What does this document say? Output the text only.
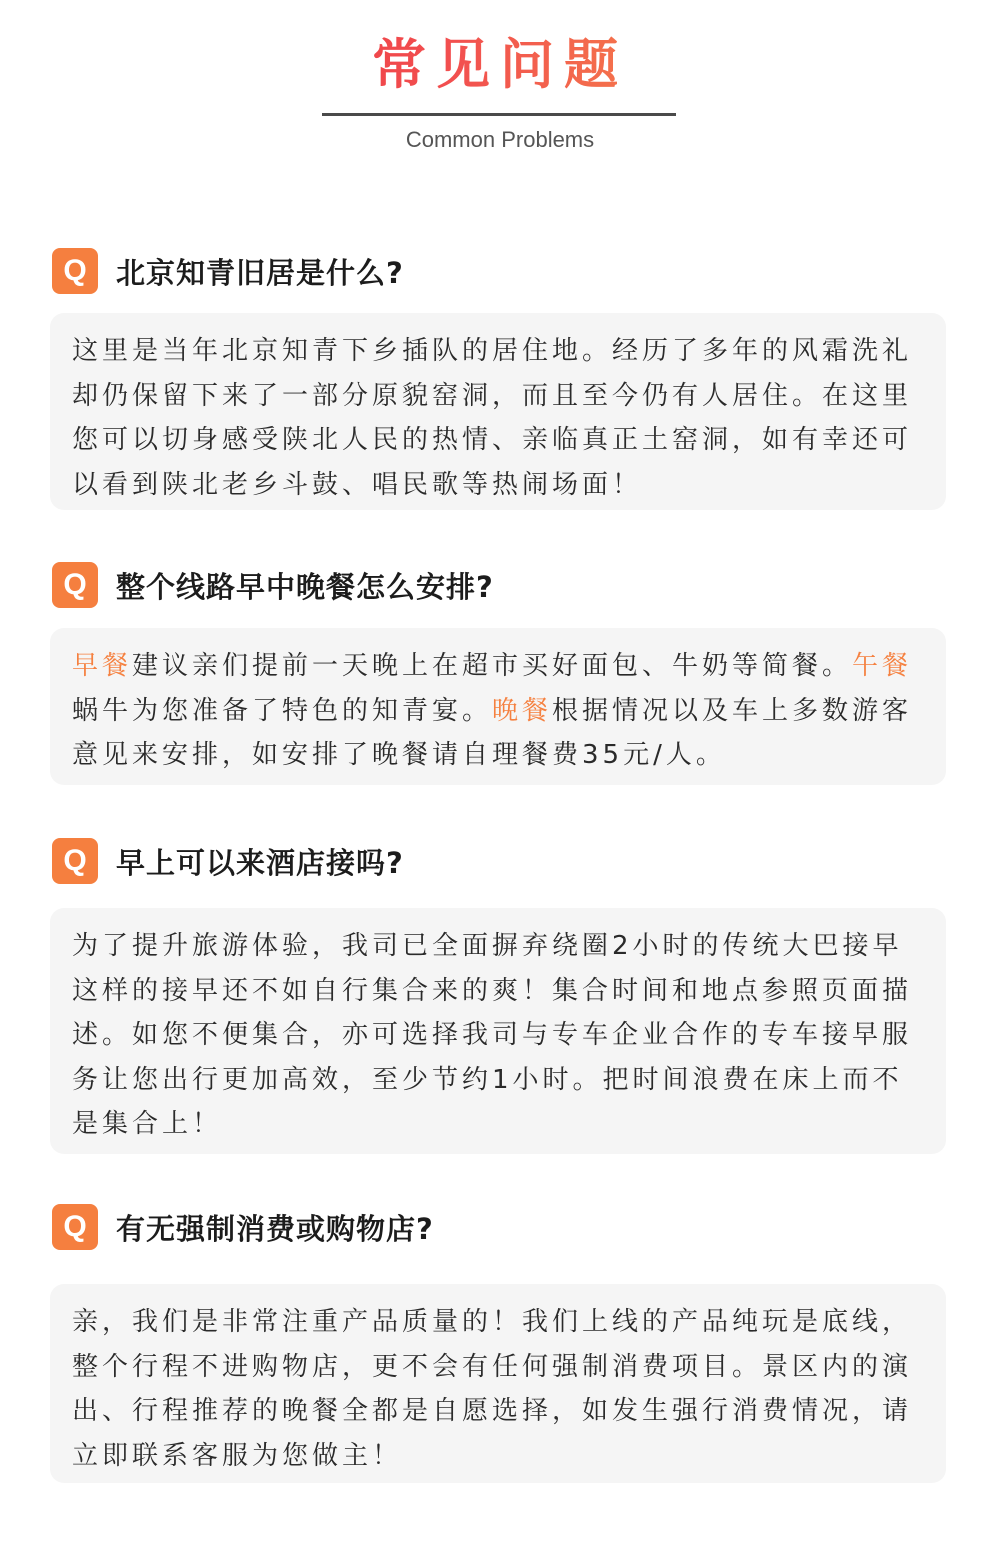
常见问题
Common Problems
Q 北京知青旧居是什么?
这里是当年北京知青下乡插队的居住地。经历了多年的风霜洗礼
却仍保留下来了一部分原貌窑洞，而且至今仍有人居住。在这里
您可以切身感受陕北人民的热情、亲临真正土窑洞，如有幸还可
以看到陕北老乡斗鼓、唱民歌等热闹场面！
Q 整个线路早中晚餐怎么安排?
早餐建议亲们提前一天晚上在超市买好面包、牛奶等简餐。午餐
蜗牛为您准备了特色的知青宴。晚餐根据情况以及车上多数游客
意见来安排，如安排了晚餐请自理餐费35元/人。
Q 早上可以来酒店接吗?
为了提升旅游体验，我司已全面摒弃绕圈2小时的传统大巴接早
这样的接早还不如自行集合来的爽！集合时间和地点参照页面描
述。如您不便集合，亦可选择我司与专车企业合作的专车接早服
务让您出行更加高效，至少节约1小时。把时间浪费在床上而不
是集合上！
Q 有无强制消费或购物店?
亲，我们是非常注重产品质量的！我们上线的产品纯玩是底线，
整个行程不进购物店，更不会有任何强制消费项目。景区内的演
出、行程推荐的晚餐全都是自愿选择，如发生强行消费情况，请
立即联系客服为您做主！
